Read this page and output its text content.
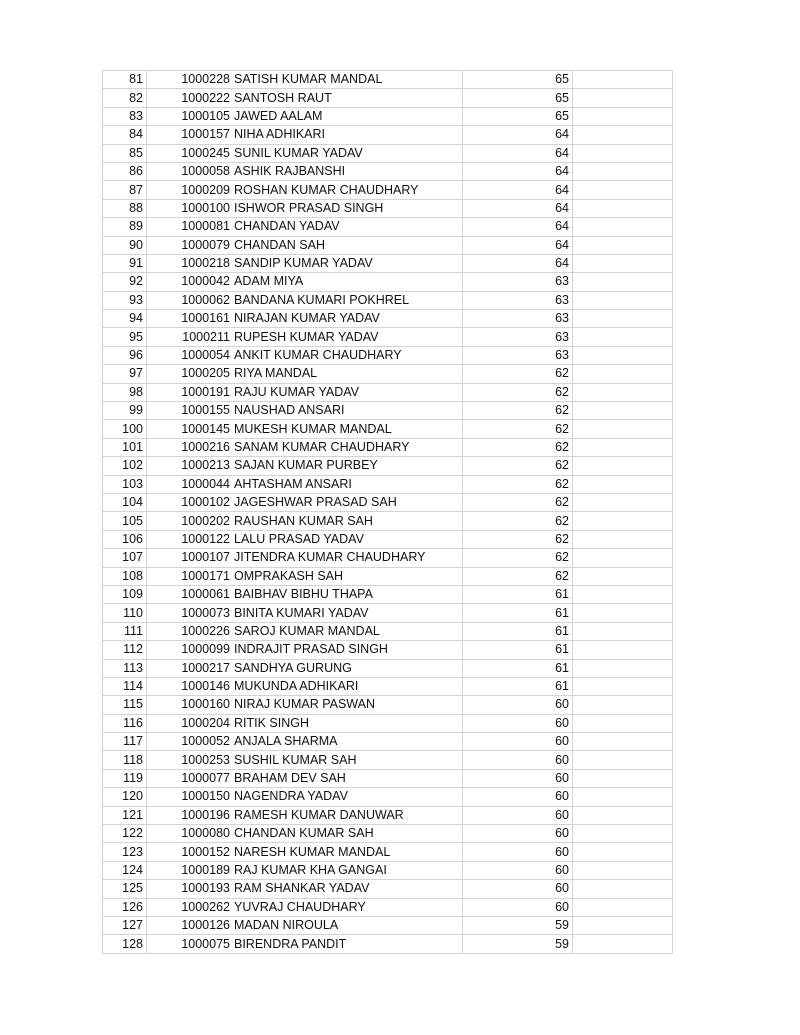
81	1000228	SATISH KUMAR MANDAL	65	
82	1000222	SANTOSH RAUT	65	
83	1000105	JAWED AALAM	65	
84	1000157	NIHA ADHIKARI	64	
85	1000245	SUNIL KUMAR YADAV	64	
86	1000058	ASHIK RAJBANSHI	64	
87	1000209	ROSHAN KUMAR CHAUDHARY	64	
88	1000100	ISHWOR PRASAD SINGH	64	
89	1000081	CHANDAN YADAV	64	
90	1000079	CHANDAN SAH	64	
91	1000218	SANDIP KUMAR YADAV	64	
92	1000042	ADAM MIYA	63	
93	1000062	BANDANA KUMARI POKHREL	63	
94	1000161	NIRAJAN KUMAR YADAV	63	
95	1000211	RUPESH KUMAR YADAV	63	
96	1000054	ANKIT KUMAR CHAUDHARY	63	
97	1000205	RIYA MANDAL	62	
98	1000191	RAJU KUMAR YADAV	62	
99	1000155	NAUSHAD ANSARI	62	
100	1000145	MUKESH KUMAR MANDAL	62	
101	1000216	SANAM KUMAR CHAUDHARY	62	
102	1000213	SAJAN KUMAR PURBEY	62	
103	1000044	AHTASHAM ANSARI	62	
104	1000102	JAGESHWAR PRASAD SAH	62	
105	1000202	RAUSHAN KUMAR SAH	62	
106	1000122	LALU PRASAD YADAV	62	
107	1000107	JITENDRA KUMAR CHAUDHARY	62	
108	1000171	OMPRAKASH SAH	62	
109	1000061	BAIBHAV BIBHU THAPA	61	
110	1000073	BINITA KUMARI YADAV	61	
111	1000226	SAROJ KUMAR MANDAL	61	
112	1000099	INDRAJIT PRASAD SINGH	61	
113	1000217	SANDHYA GURUNG	61	
114	1000146	MUKUNDA ADHIKARI	61	
115	1000160	NIRAJ KUMAR PASWAN	60	
116	1000204	RITIK SINGH	60	
117	1000052	ANJALA SHARMA	60	
118	1000253	SUSHIL KUMAR SAH	60	
119	1000077	BRAHAM DEV SAH	60	
120	1000150	NAGENDRA YADAV	60	
121	1000196	RAMESH KUMAR DANUWAR	60	
122	1000080	CHANDAN KUMAR SAH	60	
123	1000152	NARESH KUMAR MANDAL	60	
124	1000189	RAJ KUMAR KHA GANGAI	60	
125	1000193	RAM SHANKAR YADAV	60	
126	1000262	YUVRAJ CHAUDHARY	60	
127	1000126	MADAN NIROULA	59	
128	1000075	BIRENDRA PANDIT	59	
